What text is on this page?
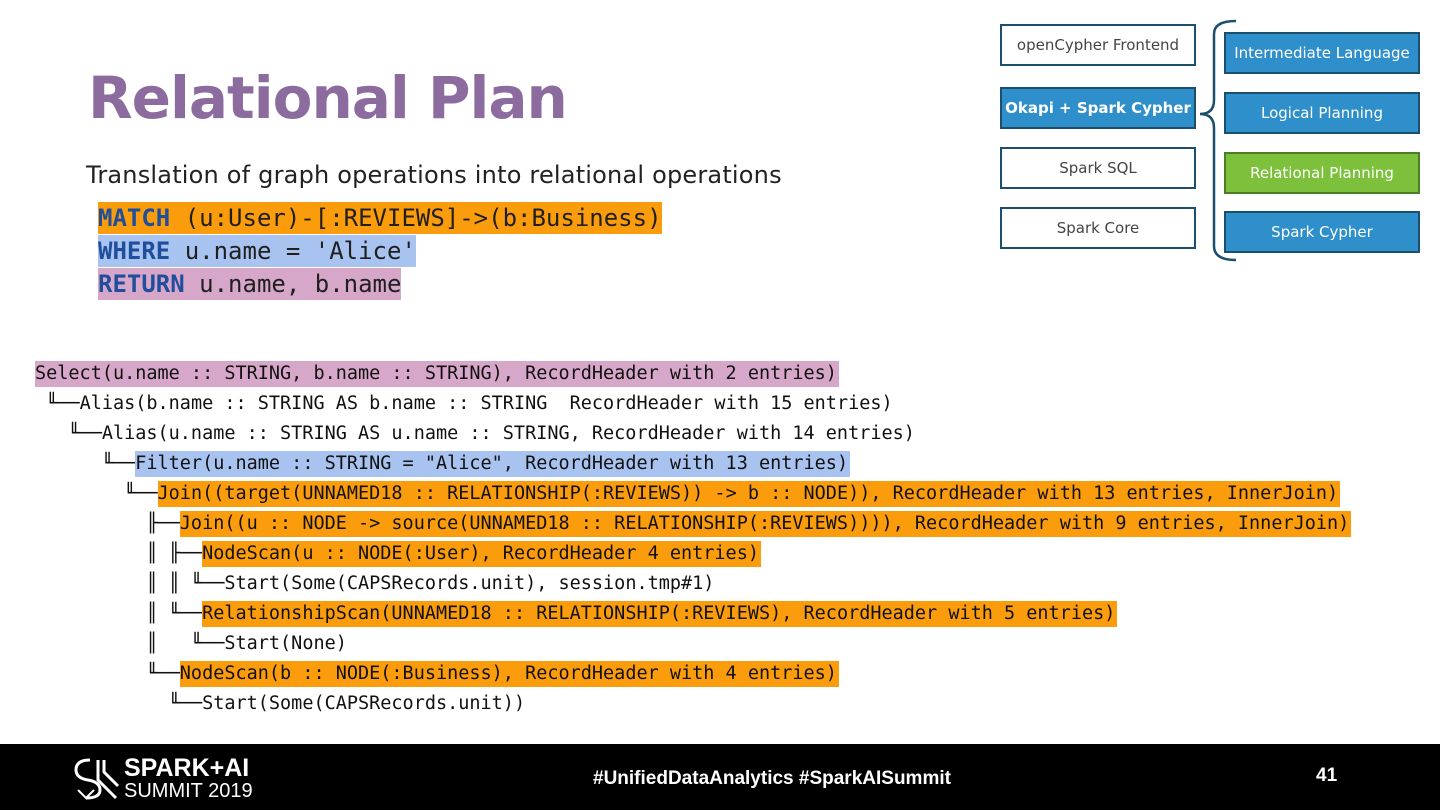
Relational Plan
Translation of graph operations into relational operations
MATCH (u:User)-[:REVIEWS]->(b:Business)
WHERE u.name = 'Alice'
RETURN u.name, b.name
Select(u.name :: STRING, b.name :: STRING), RecordHeader with 2 entries)
╙── Alias(b.name :: STRING AS b.name :: STRING  RecordHeader with 15 entries)
╙── Alias(u.name :: STRING AS u.name :: STRING, RecordHeader with 14 entries)
╙── Filter(u.name :: STRING = "Alice", RecordHeader with 13 entries)
╙── Join((target(UNNAMED18 :: RELATIONSHIP(:REVIEWS)) -> b :: NODE)), RecordHeader with 13 entries, InnerJoin)
╟── Join((u :: NODE -> source(UNNAMED18 :: RELATIONSHIP(:REVIEWS)))), RecordHeader with 9 entries, InnerJoin)
║ ╟── NodeScan(u :: NODE(:User), RecordHeader 4 entries)
║ ║ ╙── Start(Some(CAPSRecords.unit), session.tmp#1)
║ ╙── RelationshipScan(UNNAMED18 :: RELATIONSHIP(:REVIEWS), RecordHeader with 5 entries)
║   ╙── Start(None)
╙── NodeScan(b :: NODE(:Business), RecordHeader with 4 entries)
╙── Start(Some(CAPSRecords.unit))
openCypher Frontend
Okapi + Spark Cypher
Spark SQL
Spark Core
Intermediate Language
Logical Planning
Relational Planning
Spark Cypher
SPARK+AI
SUMMIT 2019
#UnifiedDataAnalytics #SparkAISummit	41
